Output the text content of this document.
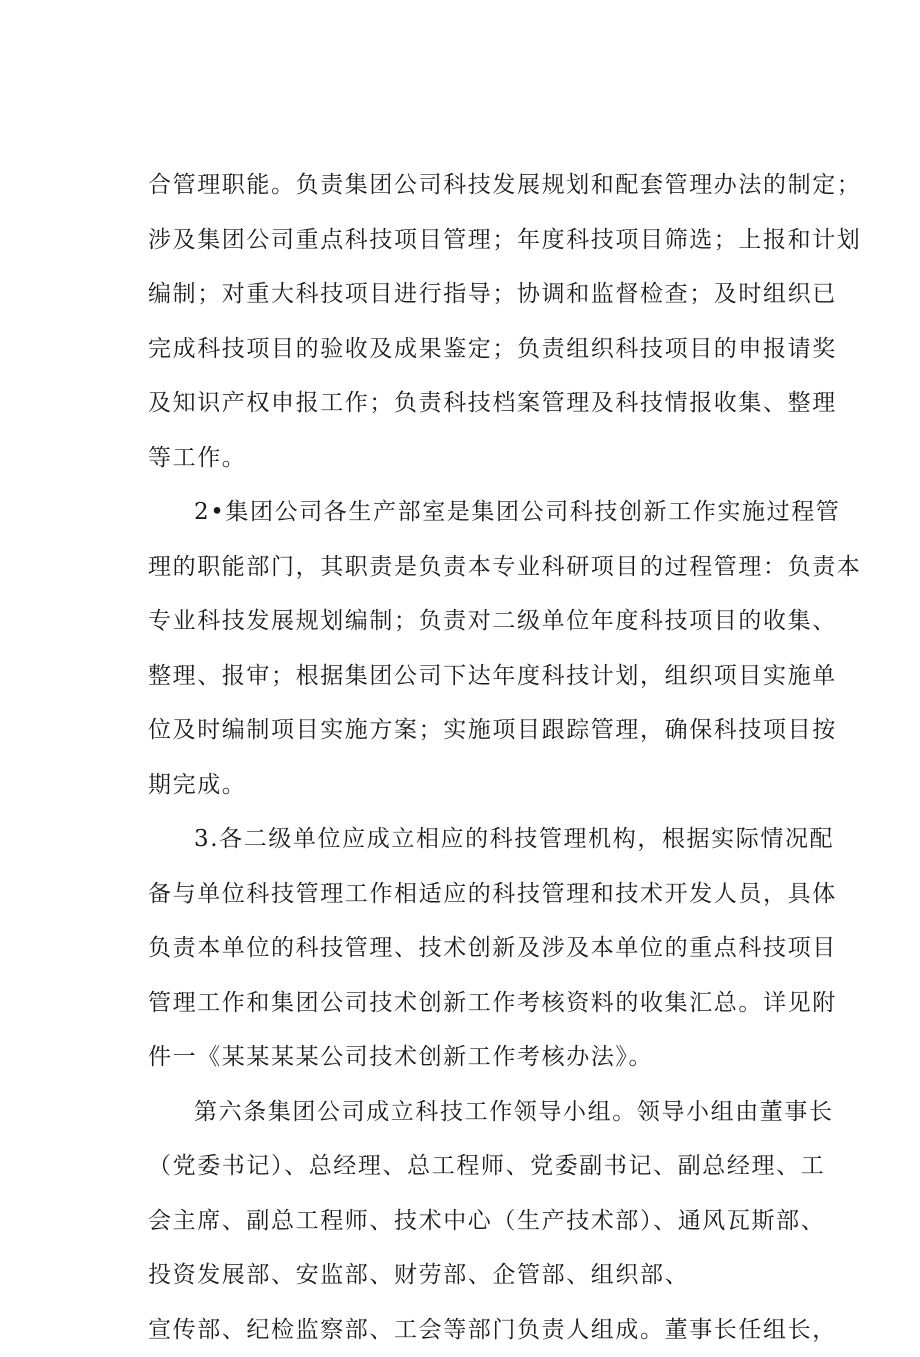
合管理职能。负责集团公司科技发展规划和配套管理办法的制定；
涉及集团公司重点科技项目管理；年度科技项目筛选；上报和计划
编制；对重大科技项目进行指导；协调和监督检查；及时组织已
完成科技项目的验收及成果鉴定；负责组织科技项目的申报请奖
及知识产权申报工作；负责科技档案管理及科技情报收集、整理
等工作。
2•集团公司各生产部室是集团公司科技创新工作实施过程管
理的职能部门，其职责是负责本专业科研项目的过程管理：负责本
专业科技发展规划编制；负责对二级单位年度科技项目的收集、
整理、报审；根据集团公司下达年度科技计划，组织项目实施单
位及时编制项目实施方案；实施项目跟踪管理，确保科技项目按
期完成。
3.各二级单位应成立相应的科技管理机构，根据实际情况配
备与单位科技管理工作相适应的科技管理和技术开发人员，具体
负责本单位的科技管理、技术创新及涉及本单位的重点科技项目
管理工作和集团公司技术创新工作考核资料的收集汇总。详见附
件一《某某某某公司技术创新工作考核办法》。
第六条集团公司成立科技工作领导小组。领导小组由董事长
（党委书记）、总经理、总工程师、党委副书记、副总经理、工
会主席、副总工程师、技术中心（生产技术部）、通风瓦斯部、
投资发展部、安监部、财劳部、企管部、组织部、
宣传部、纪检监察部、工会等部门负责人组成。董事长任组长，
